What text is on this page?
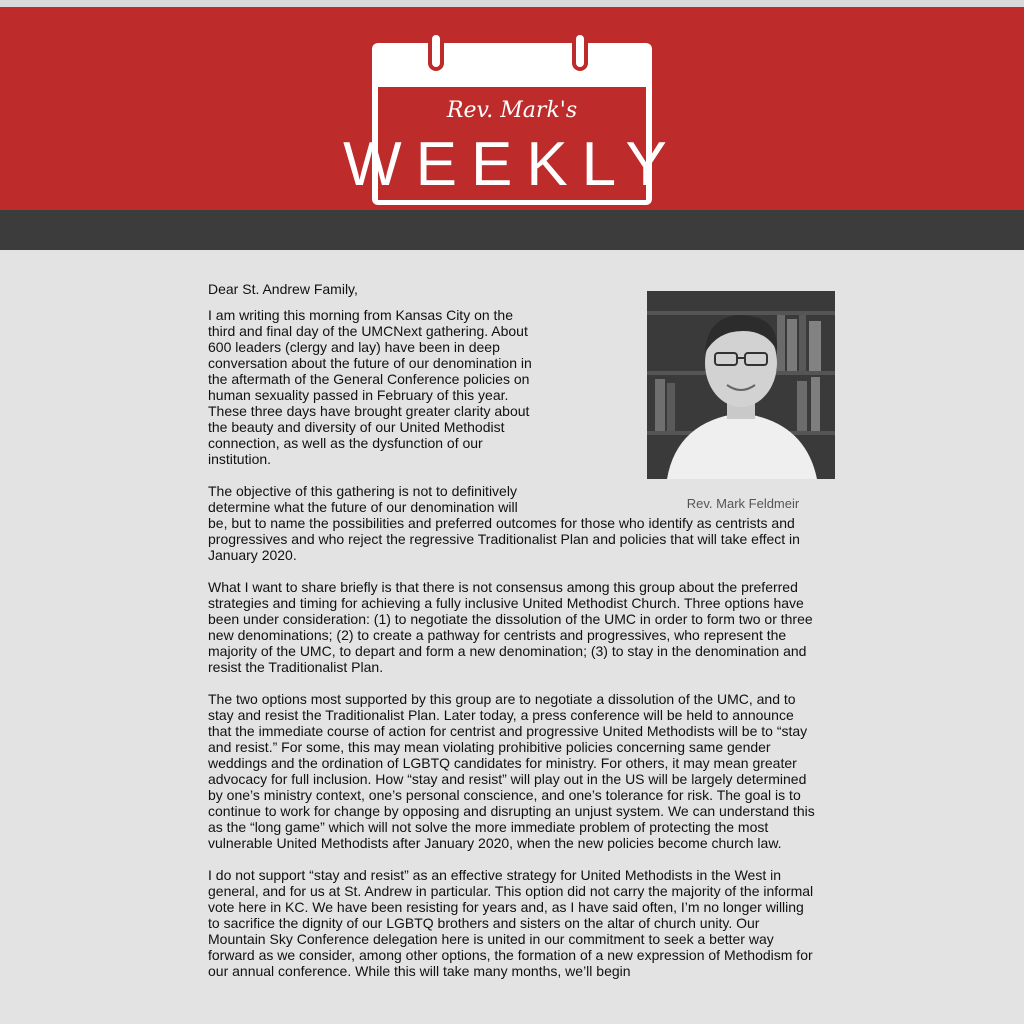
Rev. Mark's
WEEKLY

Dear St. Andrew Family,

Rev. Mark Feldmeir

I am writing this morning from Kansas City on the third and final day of the UMCNext gathering. About 600 leaders (clergy and lay) have been in deep conversation about the future of our denomination in the aftermath of the General Conference policies on human sexuality passed in February of this year. These three days have brought greater clarity about the beauty and diversity of our United Methodist connection, as well as the dysfunction of our institution.

The objective of this gathering is not to definitively determine what the future of our denomination will be, but to name the possibilities and preferred outcomes for those who identify as centrists and progressives and who reject the regressive Traditionalist Plan and policies that will take effect in January 2020.

What I want to share briefly is that there is not consensus among this group about the preferred strategies and timing for achieving a fully inclusive United Methodist Church. Three options have been under consideration: (1) to negotiate the dissolution of the UMC in order to form two or three new denominations; (2) to create a pathway for centrists and progressives, who represent the majority of the UMC, to depart and form a new denomination; (3) to stay in the denomination and resist the Traditionalist Plan.

The two options most supported by this group are to negotiate a dissolution of the UMC, and to stay and resist the Traditionalist Plan. Later today, a press conference will be held to announce that the immediate course of action for centrist and progressive United Methodists will be to “stay and resist.” For some, this may mean violating prohibitive policies concerning same gender weddings and the ordination of LGBTQ candidates for ministry. For others, it may mean greater advocacy for full inclusion. How “stay and resist” will play out in the US will be largely determined by one’s ministry context, one’s personal conscience, and one’s tolerance for risk. The goal is to continue to work for change by opposing and disrupting an unjust system. We can understand this as the “long game” which will not solve the more immediate problem of protecting the most vulnerable United Methodists after January 2020, when the new policies become church law.

I do not support “stay and resist” as an effective strategy for United Methodists in the West in general, and for us at St. Andrew in particular. This option did not carry the majority of the informal vote here in KC. We have been resisting for years and, as I have said often, I’m no longer willing to sacrifice the dignity of our LGBTQ brothers and sisters on the altar of church unity. Our Mountain Sky Conference delegation here is united in our commitment to seek a better way forward as we consider, among other options, the formation of a new expression of Methodism for our annual conference. While this will take many months, we’ll begin
